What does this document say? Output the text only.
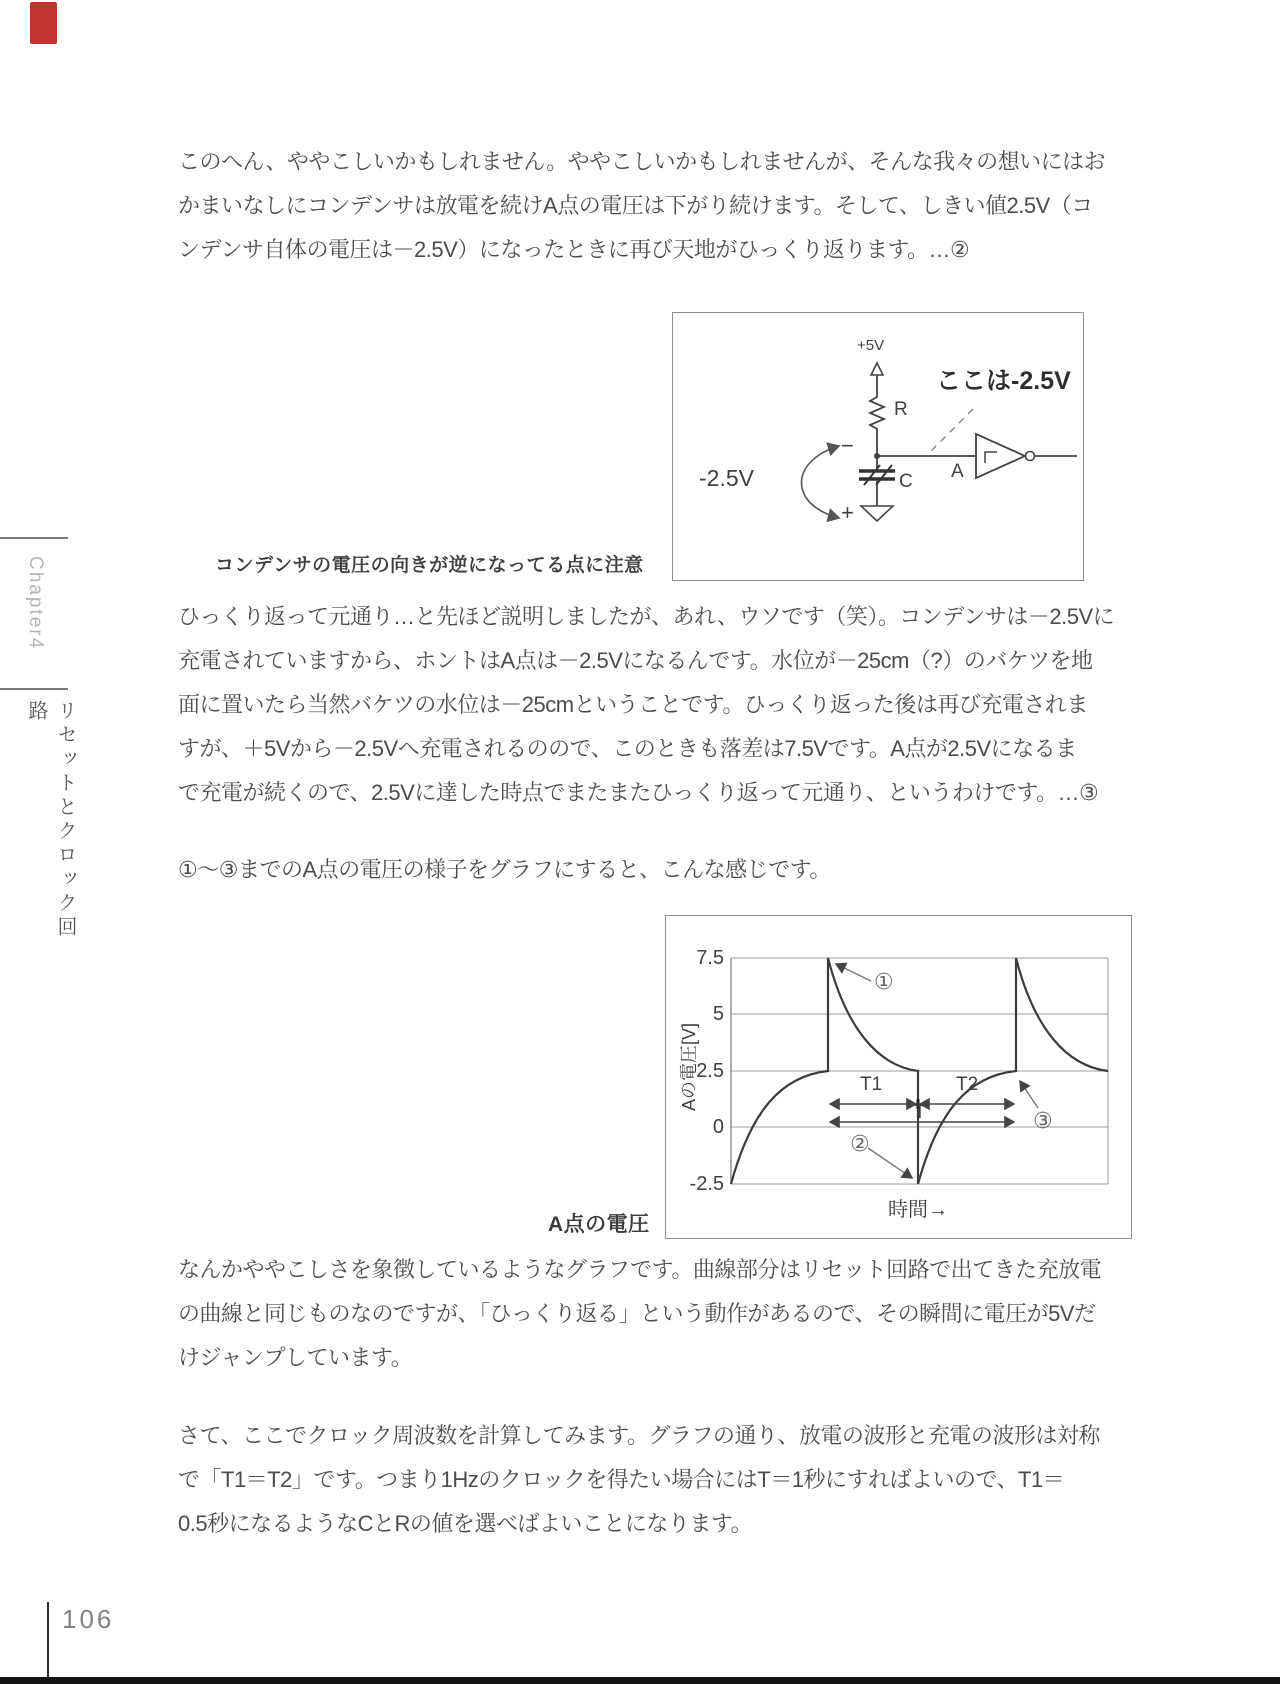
Chapter4
リセットとクロック回路
このへん、ややこしいかもしれません。ややこしいかもしれませんが、そんな我々の想いにはお
かまいなしにコンデンサは放電を続けA点の電圧は下がり続けます。そして、しきい値2.5V（コ
ンデンサ自体の電圧は－2.5V）になったときに再び天地がひっくり返ります。…②
+5V
R
C A
ここは-2.5V
−
+
-2.5V
コンデンサの電圧の向きが逆になってる点に注意
ひっくり返って元通り…と先ほど説明しましたが、あれ、ウソです（笑）。コンデンサは－2.5Vに
充電されていますから、ホントはA点は－2.5Vになるんです。水位が－25cm（?）のバケツを地
面に置いたら当然バケツの水位は－25cmということです。ひっくり返った後は再び充電されま
すが、＋5Vから－2.5Vへ充電されるのので、このときも落差は7.5Vです。A点が2.5Vになるま
で充電が続くので、2.5Vに達した時点でまたまたひっくり返って元通り、というわけです。…③
①～③までのA点の電圧の様子をグラフにすると、こんな感じです。
7.5
5
2.5
0
-2.5
Aの電圧[V]
時間→
T1	T2
T
①
②
③
A点の電圧
なんかややこしさを象徴しているようなグラフです。曲線部分はリセット回路で出てきた充放電
の曲線と同じものなのですが、「ひっくり返る」という動作があるので、その瞬間に電圧が5Vだ
けジャンプしています。
さて、ここでクロック周波数を計算してみます。グラフの通り、放電の波形と充電の波形は対称
で「T1＝T2」です。つまり1Hzのクロックを得たい場合にはT＝1秒にすればよいので、T1＝
0.5秒になるようなCとRの値を選べばよいことになります。
106
